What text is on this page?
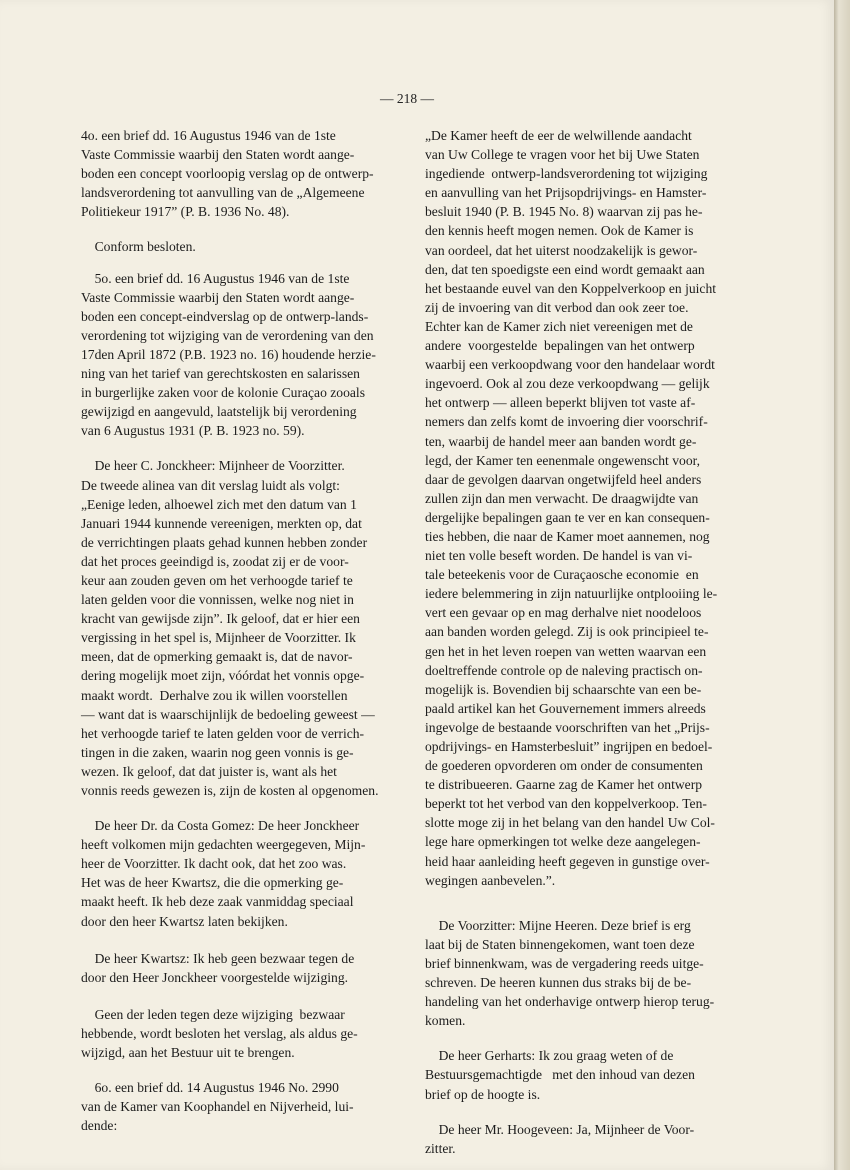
— 218 —
4o. een brief dd. 16 Augustus 1946 van de 1ste
Vaste Commissie waarbij den Staten wordt aange-
boden een concept voorloopig verslag op de ontwerp-
landsverordening tot aanvulling van de „Algemeene
Politiekeur 1917” (P. B. 1936 No. 48).
Conform besloten.
5o. een brief dd. 16 Augustus 1946 van de 1ste
Vaste Commissie waarbij den Staten wordt aange-
boden een concept-eindverslag op de ontwerp-lands-
verordening tot wijziging van de verordening van den
17den April 1872 (P.B. 1923 no. 16) houdende herzie-
ning van het tarief van gerechtskosten en salarissen
in burgerlijke zaken voor de kolonie Curaçao zooals
gewijzigd en aangevuld, laatstelijk bij verordening
van 6 Augustus 1931 (P. B. 1923 no. 59).
De heer C. Jonckheer: Mijnheer de Voorzitter.
De tweede alinea van dit verslag luidt als volgt:
„Eenige leden, alhoewel zich met den datum van 1
Januari 1944 kunnende vereenigen, merkten op, dat
de verrichtingen plaats gehad kunnen hebben zonder
dat het proces geeindigd is, zoodat zij er de voor-
keur aan zouden geven om het verhoogde tarief te
laten gelden voor die vonnissen, welke nog niet in
kracht van gewijsde zijn”. Ik geloof, dat er hier een
vergissing in het spel is, Mijnheer de Voorzitter. Ik
meen, dat de opmerking gemaakt is, dat de navor-
dering mogelijk moet zijn, vóórdat het vonnis opge-
maakt wordt.  Derhalve zou ik willen voorstellen
— want dat is waarschijnlijk de bedoeling geweest —
het verhoogde tarief te laten gelden voor de verrich-
tingen in die zaken, waarin nog geen vonnis is ge-
wezen. Ik geloof, dat dat juister is, want als het
vonnis reeds gewezen is, zijn de kosten al opgenomen.
De heer Dr. da Costa Gomez: De heer Jonckheer
heeft volkomen mijn gedachten weergegeven, Mijn-
heer de Voorzitter. Ik dacht ook, dat het zoo was.
Het was de heer Kwartsz, die die opmerking ge-
maakt heeft. Ik heb deze zaak vanmiddag speciaal
door den heer Kwartsz laten bekijken.
De heer Kwartsz: Ik heb geen bezwaar tegen de
door den Heer Jonckheer voorgestelde wijziging.
Geen der leden tegen deze wijziging  bezwaar
hebbende, wordt besloten het verslag, als aldus ge-
wijzigd, aan het Bestuur uit te brengen.
6o. een brief dd. 14 Augustus 1946 No. 2990
van de Kamer van Koophandel en Nijverheid, lui-
dende:
„De Kamer heeft de eer de welwillende aandacht
van Uw College te vragen voor het bij Uwe Staten
ingediende  ontwerp-landsverordening tot wijziging
en aanvulling van het Prijsopdrijvings- en Hamster-
besluit 1940 (P. B. 1945 No. 8) waarvan zij pas he-
den kennis heeft mogen nemen. Ook de Kamer is
van oordeel, dat het uiterst noodzakelijk is gewor-
den, dat ten spoedigste een eind wordt gemaakt aan
het bestaande euvel van den Koppelverkoop en juicht
zij de invoering van dit verbod dan ook zeer toe.
Echter kan de Kamer zich niet vereenigen met de
andere  voorgestelde  bepalingen van het ontwerp
waarbij een verkoopdwang voor den handelaar wordt
ingevoerd. Ook al zou deze verkoopdwang — gelijk
het ontwerp — alleen beperkt blijven tot vaste af-
nemers dan zelfs komt de invoering dier voorschrif-
ten, waarbij de handel meer aan banden wordt ge-
legd, der Kamer ten eenenmale ongewenscht voor,
daar de gevolgen daarvan ongetwijfeld heel anders
zullen zijn dan men verwacht. De draagwijdte van
dergelijke bepalingen gaan te ver en kan consequen-
ties hebben, die naar de Kamer moet aannemen, nog
niet ten volle beseft worden. De handel is van vi-
tale beteekenis voor de Curaçaosche economie  en
iedere belemmering in zijn natuurlijke ontplooiing le-
vert een gevaar op en mag derhalve niet noodeloos
aan banden worden gelegd. Zij is ook principieel te-
gen het in het leven roepen van wetten waarvan een
doeltreffende controle op de naleving practisch on-
mogelijk is. Bovendien bij schaarschte van een be-
paald artikel kan het Gouvernement immers alreeds
ingevolge de bestaande voorschriften van het „Prijs-
opdrijvings- en Hamsterbesluit” ingrijpen en bedoel-
de goederen opvorderen om onder de consumenten
te distribueeren. Gaarne zag de Kamer het ontwerp
beperkt tot het verbod van den koppelverkoop. Ten-
slotte moge zij in het belang van den handel Uw Col-
lege hare opmerkingen tot welke deze aangelegen-
heid haar aanleiding heeft gegeven in gunstige over-
wegingen aanbevelen.”.
De Voorzitter: Mijne Heeren. Deze brief is erg
laat bij de Staten binnengekomen, want toen deze
brief binnenkwam, was de vergadering reeds uitge-
schreven. De heeren kunnen dus straks bij de be-
handeling van het onderhavige ontwerp hierop terug-
komen.
De heer Gerharts: Ik zou graag weten of de
Bestuursgemachtigde   met den inhoud van dezen
brief op de hoogte is.
De heer Mr. Hoogeveen: Ja, Mijnheer de Voor-
zitter.
